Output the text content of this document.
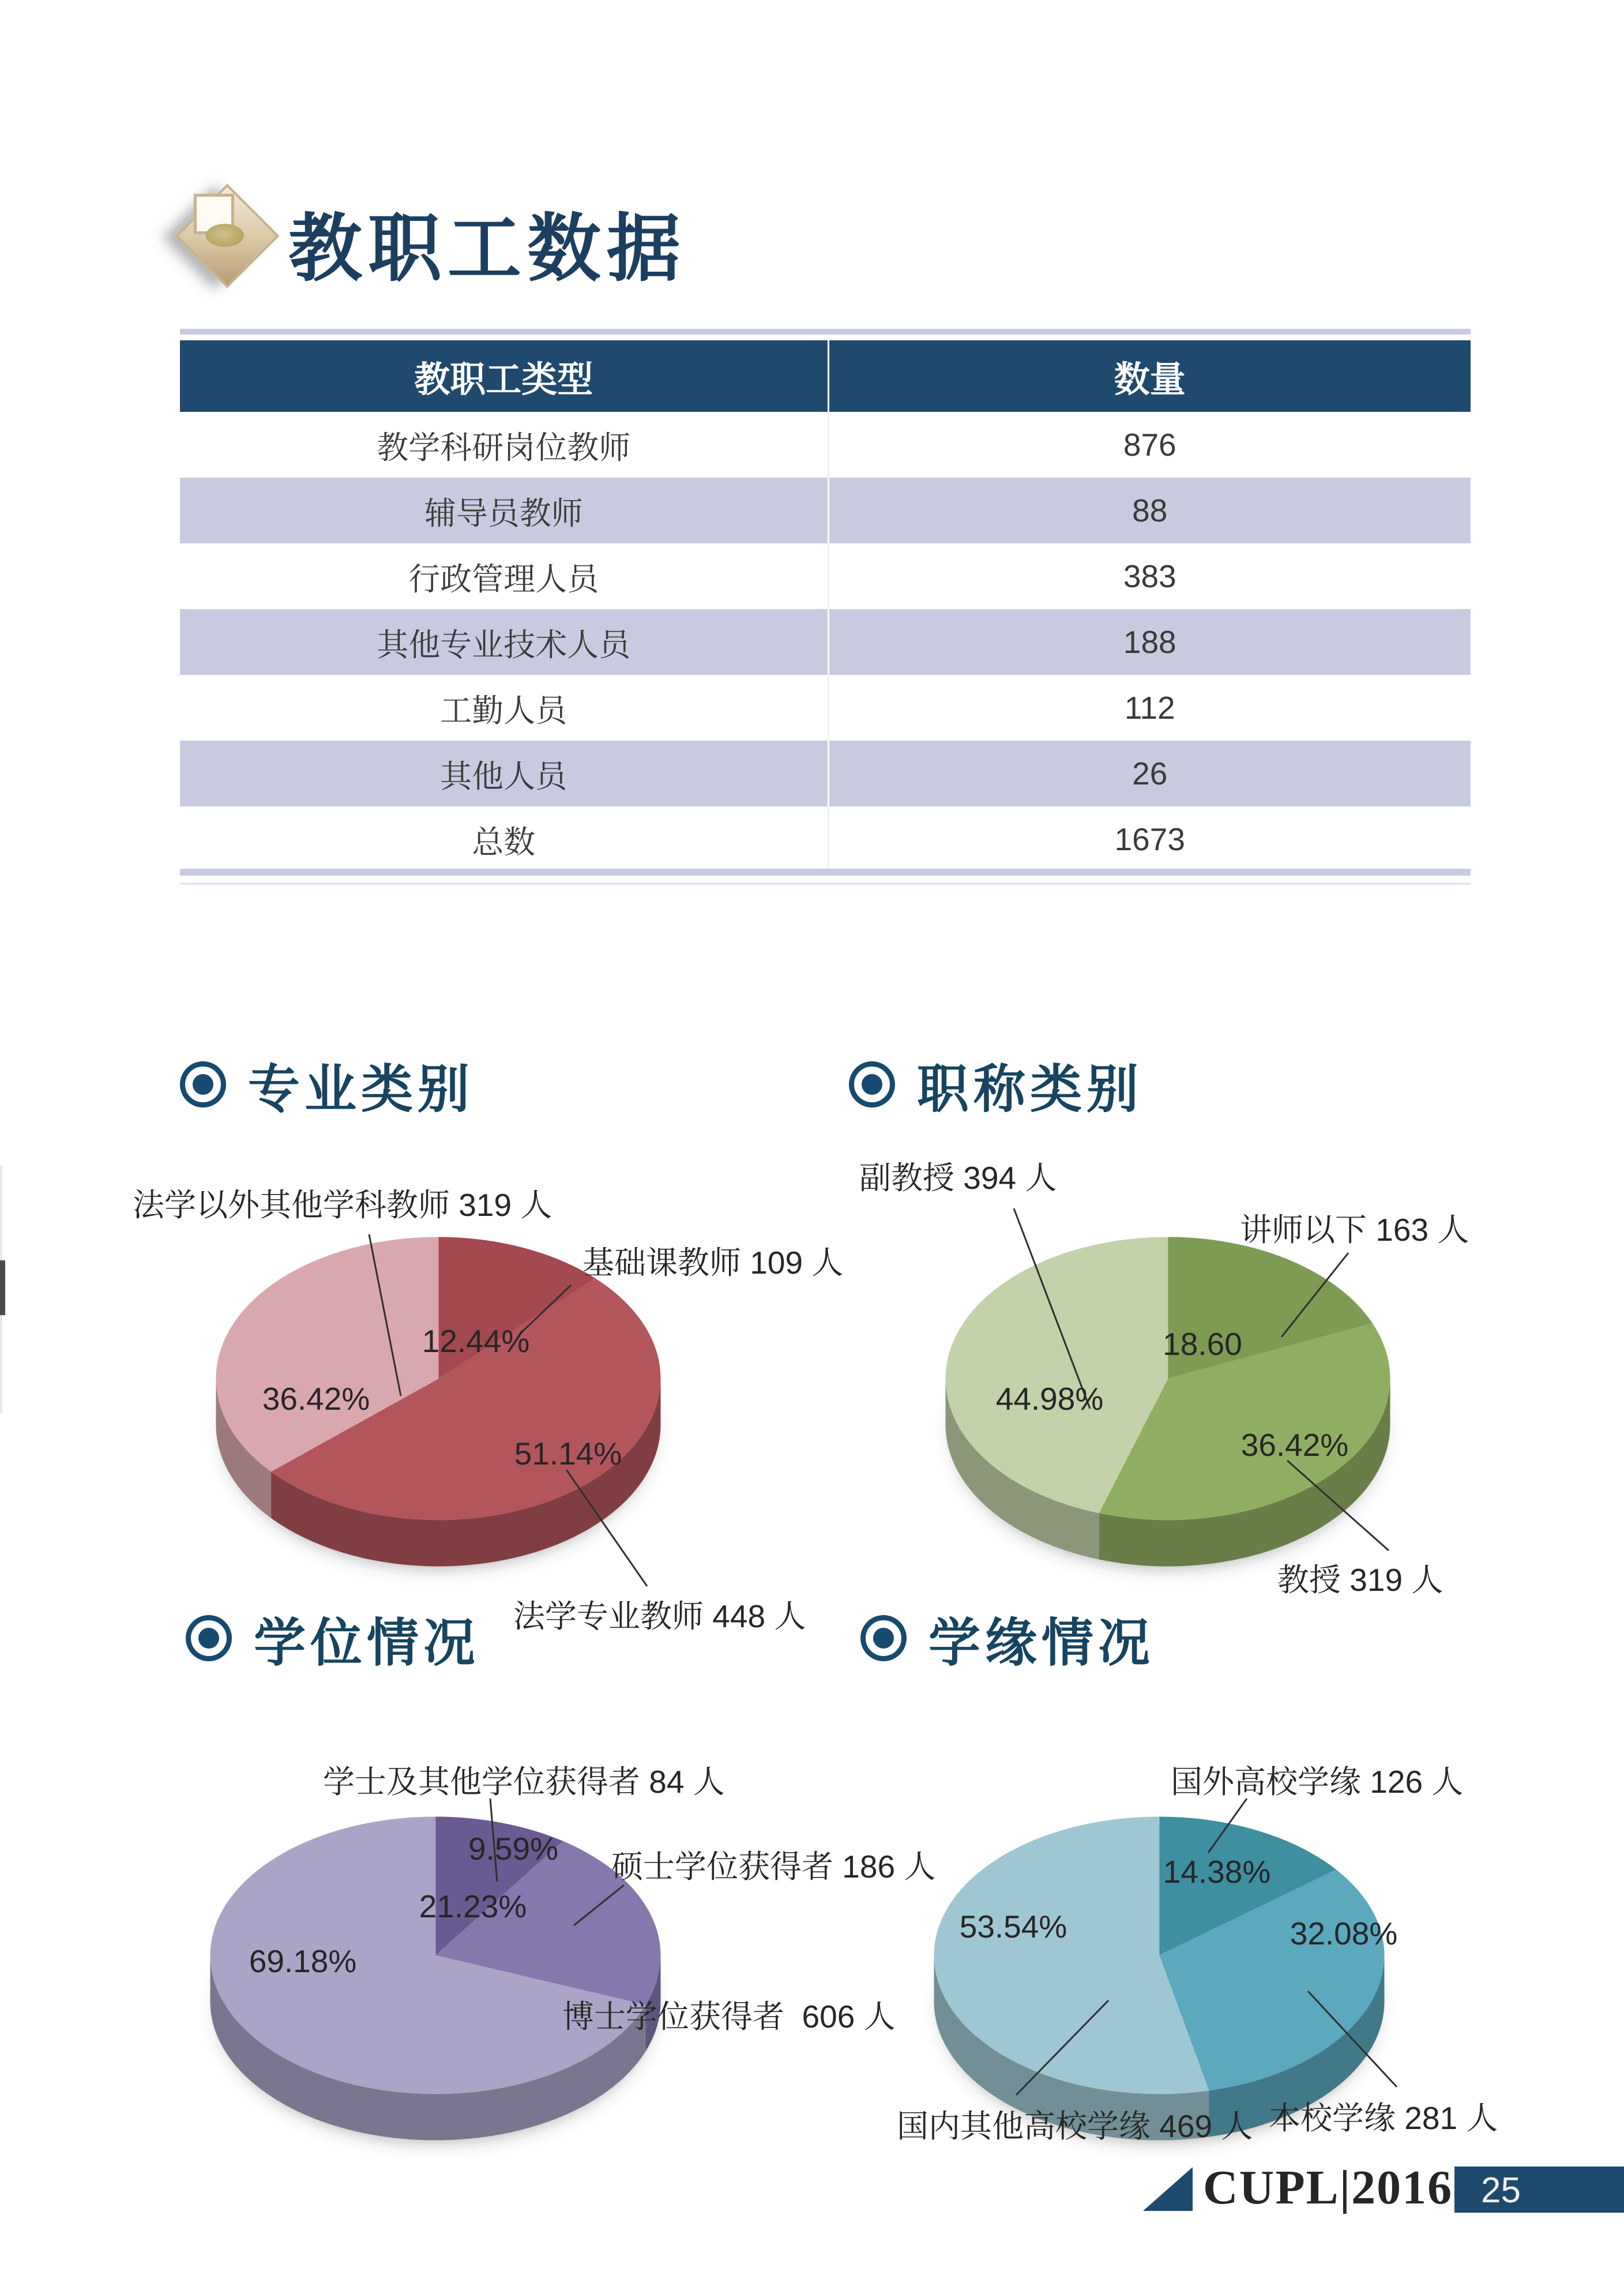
教职工数据
教职工类型	数量
教学科研岗位教师	876
辅导员教师	88
行政管理人员	383
其他专业技术人员	188
工勤人员	112
其他人员	26
总数	1673
专业类别	职称类别
学位情况	学缘情况
12.44%
51.14%
36.42%
18.60
36.42%
44.98%
9.59%
21.23%
69.18%
14.38%
32.08%
53.54%
法学以外其他学科教师 319 人
基础课教师 109 人
法学专业教师 448 人
副教授 394 人
讲师以下 163 人
教授 319 人
学士及其他学位获得者 84 人
硕士学位获得者 186 人
博士学位获得者  606 人
国外高校学缘 126 人
国内其他高校学缘 469 人 本校学缘 281 人
CUPL|2016 25
